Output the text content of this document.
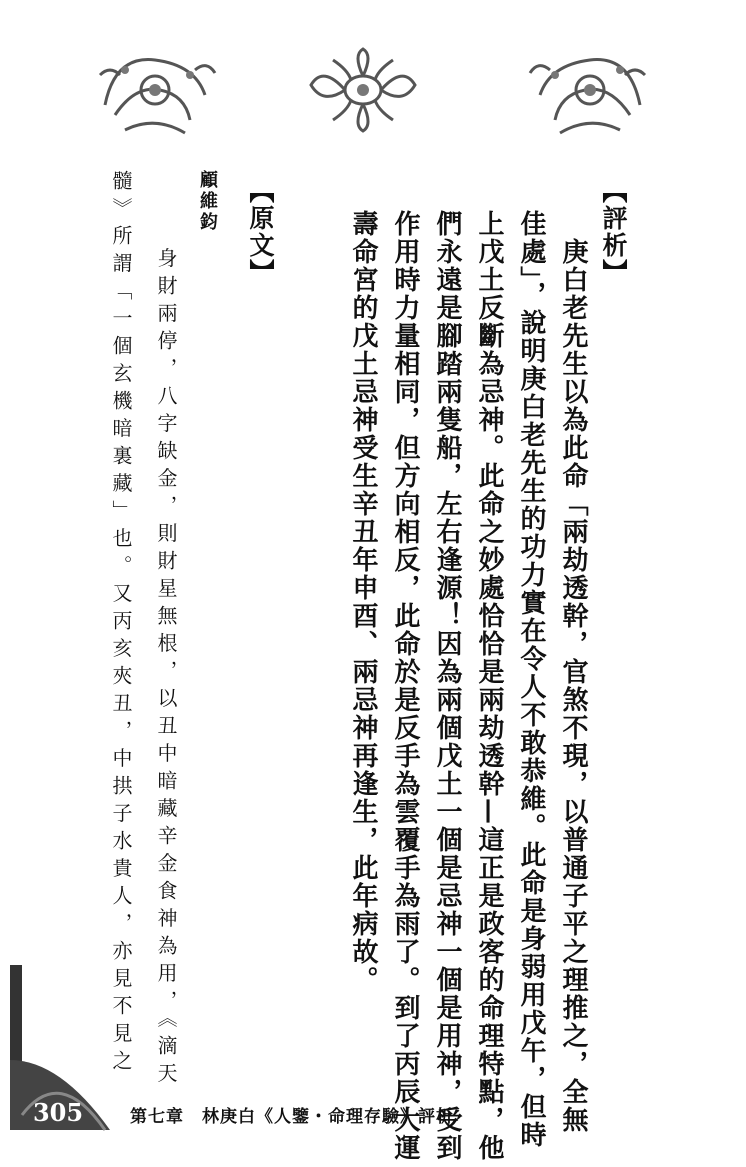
【評析】
　庚白老先生以為此命「兩劫透幹，官煞不現，以普通子平之理推之，全無
佳處」，說明庚白老先生的功力實在令人不敢恭維。此命是身弱用戊午，但時
上戊土反斷為忌神。此命之妙處恰恰是兩劫透幹—這正是政客的命理特點，他
們永遠是腳踏兩隻船，左右逢源！因為兩個戊土一個是忌神一個是用神，受到
作用時力量相同，但方向相反，此命於是反手為雲覆手為雨了。到了丙辰大運
壽命宮的戊土忌神受生辛丑年申酉、兩忌神再逢生，此年病故。
【原文】
顧維鈞
　身財兩停，八字缺金，則財星無根，以丑中暗藏辛金食神為用，《滴天
髓》所謂「一個玄機暗裏藏」也。又丙亥夾丑，中拱子水貴人，亦見不見之
305	第七章　林庚白《人鑒・命理存驗》評析
